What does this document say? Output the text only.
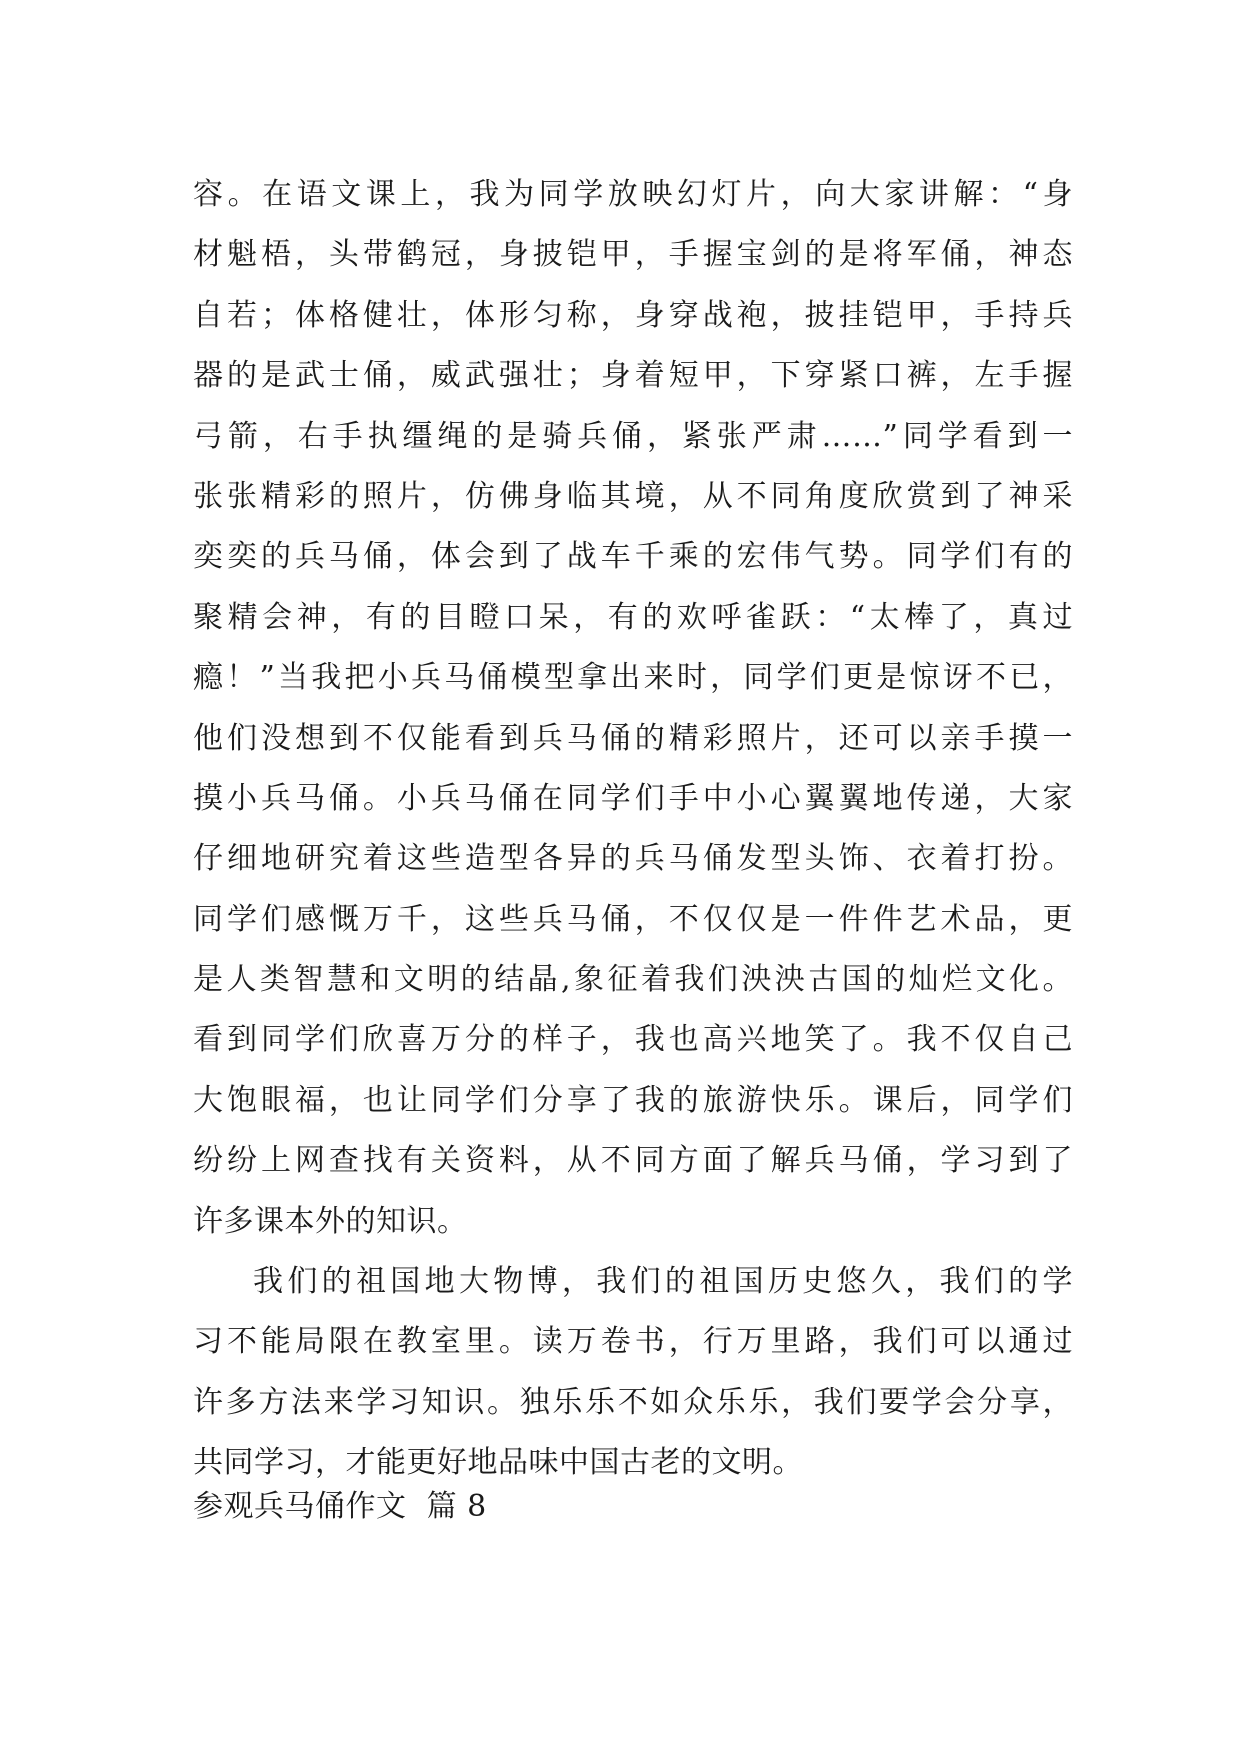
容。在语文课上，我为同学放映幻灯片，向大家讲解：“身
材魁梧，头带鹤冠，身披铠甲，手握宝剑的是将军俑，神态
自若；体格健壮，体形匀称，身穿战袍，披挂铠甲，手持兵
器的是武士俑，威武强壮；身着短甲，下穿紧口裤，左手握
弓箭，右手执缰绳的是骑兵俑，紧张严肃……”同学看到一
张张精彩的照片，仿佛身临其境，从不同角度欣赏到了神采
奕奕的兵马俑，体会到了战车千乘的宏伟气势。同学们有的
聚精会神，有的目瞪口呆，有的欢呼雀跃：“太棒了，真过
瘾！”当我把小兵马俑模型拿出来时，同学们更是惊讶不已，
他们没想到不仅能看到兵马俑的精彩照片，还可以亲手摸一
摸小兵马俑。小兵马俑在同学们手中小心翼翼地传递，大家
仔细地研究着这些造型各异的兵马俑发型头饰、衣着打扮。
同学们感慨万千，这些兵马俑，不仅仅是一件件艺术品，更
是人类智慧和文明的结晶,象征着我们泱泱古国的灿烂文化。
看到同学们欣喜万分的样子，我也高兴地笑了。我不仅自己
大饱眼福，也让同学们分享了我的旅游快乐。课后，同学们
纷纷上网查找有关资料，从不同方面了解兵马俑，学习到了
许多课本外的知识。
我们的祖国地大物博，我们的祖国历史悠久，我们的学
习不能局限在教室里。读万卷书，行万里路，我们可以通过
许多方法来学习知识。独乐乐不如众乐乐，我们要学会分享，
共同学习，才能更好地品味中国古老的文明。
参观兵马俑作文  篇 8
